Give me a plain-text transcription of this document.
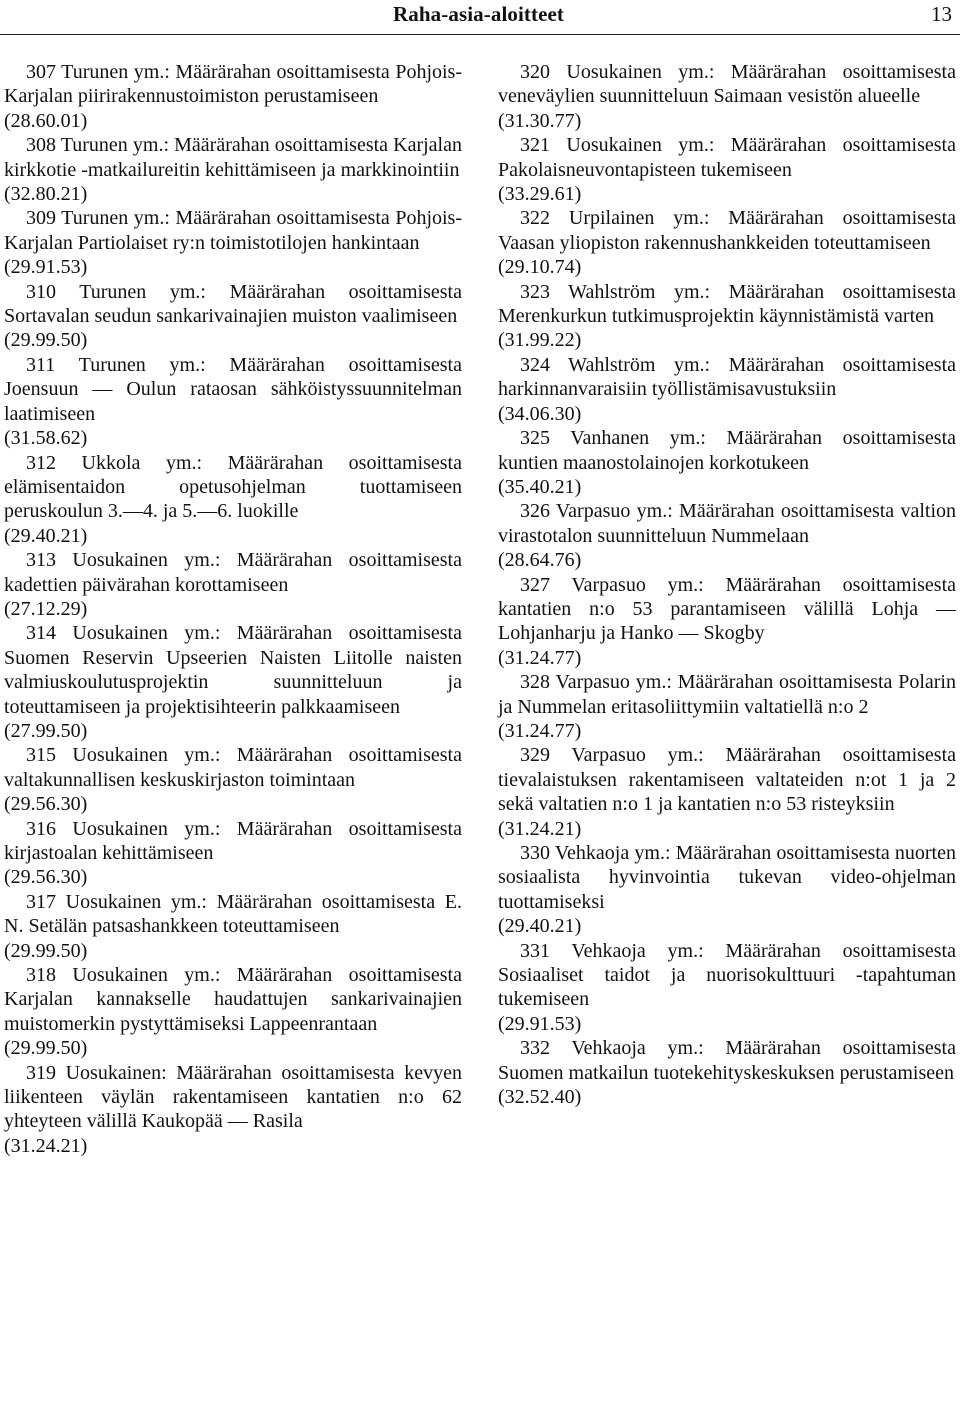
Raha-asia-aloitteet	13

307 Turunen ym.: Määrärahan osoittamisesta Pohjois-Karjalan piirirakennustoimiston perustamiseen

(28.60.01)

308 Turunen ym.: Määrärahan osoittamisesta Karjalan kirkkotie -matkailureitin kehittämiseen ja markkinointiin

(32.80.21)

309 Turunen ym.: Määrärahan osoittamisesta Pohjois-Karjalan Partiolaiset ry:n toimistotilojen hankintaan

(29.91.53)

310 Turunen ym.: Määrärahan osoittamisesta Sortavalan seudun sankarivainajien muiston vaalimiseen

(29.99.50)

311 Turunen ym.: Määrärahan osoittamisesta Joensuun — Oulun rataosan sähköistyssuunnitelman laatimiseen

(31.58.62)

312 Ukkola ym.: Määrärahan osoittamisesta elämisentaidon opetusohjelman tuottamiseen peruskoulun 3.—4. ja 5.—6. luokille

(29.40.21)

313 Uosukainen ym.: Määrärahan osoittamisesta kadettien päivärahan korottamiseen

(27.12.29)

314 Uosukainen ym.: Määrärahan osoittamisesta Suomen Reservin Upseerien Naisten Liitolle naisten valmiuskoulutusprojektin suunnitteluun ja toteuttamiseen ja projektisihteerin palkkaamiseen

(27.99.50)

315 Uosukainen ym.: Määrärahan osoittamisesta valtakunnallisen keskuskirjaston toimintaan

(29.56.30)

316 Uosukainen ym.: Määrärahan osoittamisesta kirjastoalan kehittämiseen

(29.56.30)

317 Uosukainen ym.: Määrärahan osoittamisesta E. N. Setälän patsashankkeen toteuttamiseen

(29.99.50)

318 Uosukainen ym.: Määrärahan osoittamisesta Karjalan kannakselle haudattujen sankarivainajien muistomerkin pystyttämiseksi Lappeenrantaan

(29.99.50)

319 Uosukainen: Määrärahan osoittamisesta kevyen liikenteen väylän rakentamiseen kantatien n:o 62 yhteyteen välillä Kaukopää — Rasila

(31.24.21)

320 Uosukainen ym.: Määrärahan osoittamisesta veneväylien suunnitteluun Saimaan vesistön alueelle

(31.30.77)

321 Uosukainen ym.: Määrärahan osoittamisesta Pakolaisneuvontapisteen tukemiseen

(33.29.61)

322 Urpilainen ym.: Määrärahan osoittamisesta Vaasan yliopiston rakennushankkeiden toteuttamiseen

(29.10.74)

323 Wahlström ym.: Määrärahan osoittamisesta Merenkurkun tutkimusprojektin käynnistämistä varten

(31.99.22)

324 Wahlström ym.: Määrärahan osoittamisesta harkinnanvaraisiin työllistämisavustuksiin

(34.06.30)

325 Vanhanen ym.: Määrärahan osoittamisesta kuntien maanostolainojen korkotukeen

(35.40.21)

326 Varpasuo ym.: Määrärahan osoittamisesta valtion virastotalon suunnitteluun Nummelaan

(28.64.76)

327 Varpasuo ym.: Määrärahan osoittamisesta kantatien n:o 53 parantamiseen välillä Lohja — Lohjanharju ja Hanko — Skogby

(31.24.77)

328 Varpasuo ym.: Määrärahan osoittamisesta Polarin ja Nummelan eritasoliittymiin valtatiellä n:o 2

(31.24.77)

329 Varpasuo ym.: Määrärahan osoittamisesta tievalaistuksen rakentamiseen valtateiden n:ot 1 ja 2 sekä valtatien n:o 1 ja kantatien n:o 53 risteyksiin

(31.24.21)

330 Vehkaoja ym.: Määrärahan osoittamisesta nuorten sosiaalista hyvinvointia tukevan video-ohjelman tuottamiseksi

(29.40.21)

331 Vehkaoja ym.: Määrärahan osoittamisesta Sosiaaliset taidot ja nuorisokulttuuri -tapahtuman tukemiseen

(29.91.53)

332 Vehkaoja ym.: Määrärahan osoittamisesta Suomen matkailun tuotekehityskeskuksen perustamiseen

(32.52.40)
